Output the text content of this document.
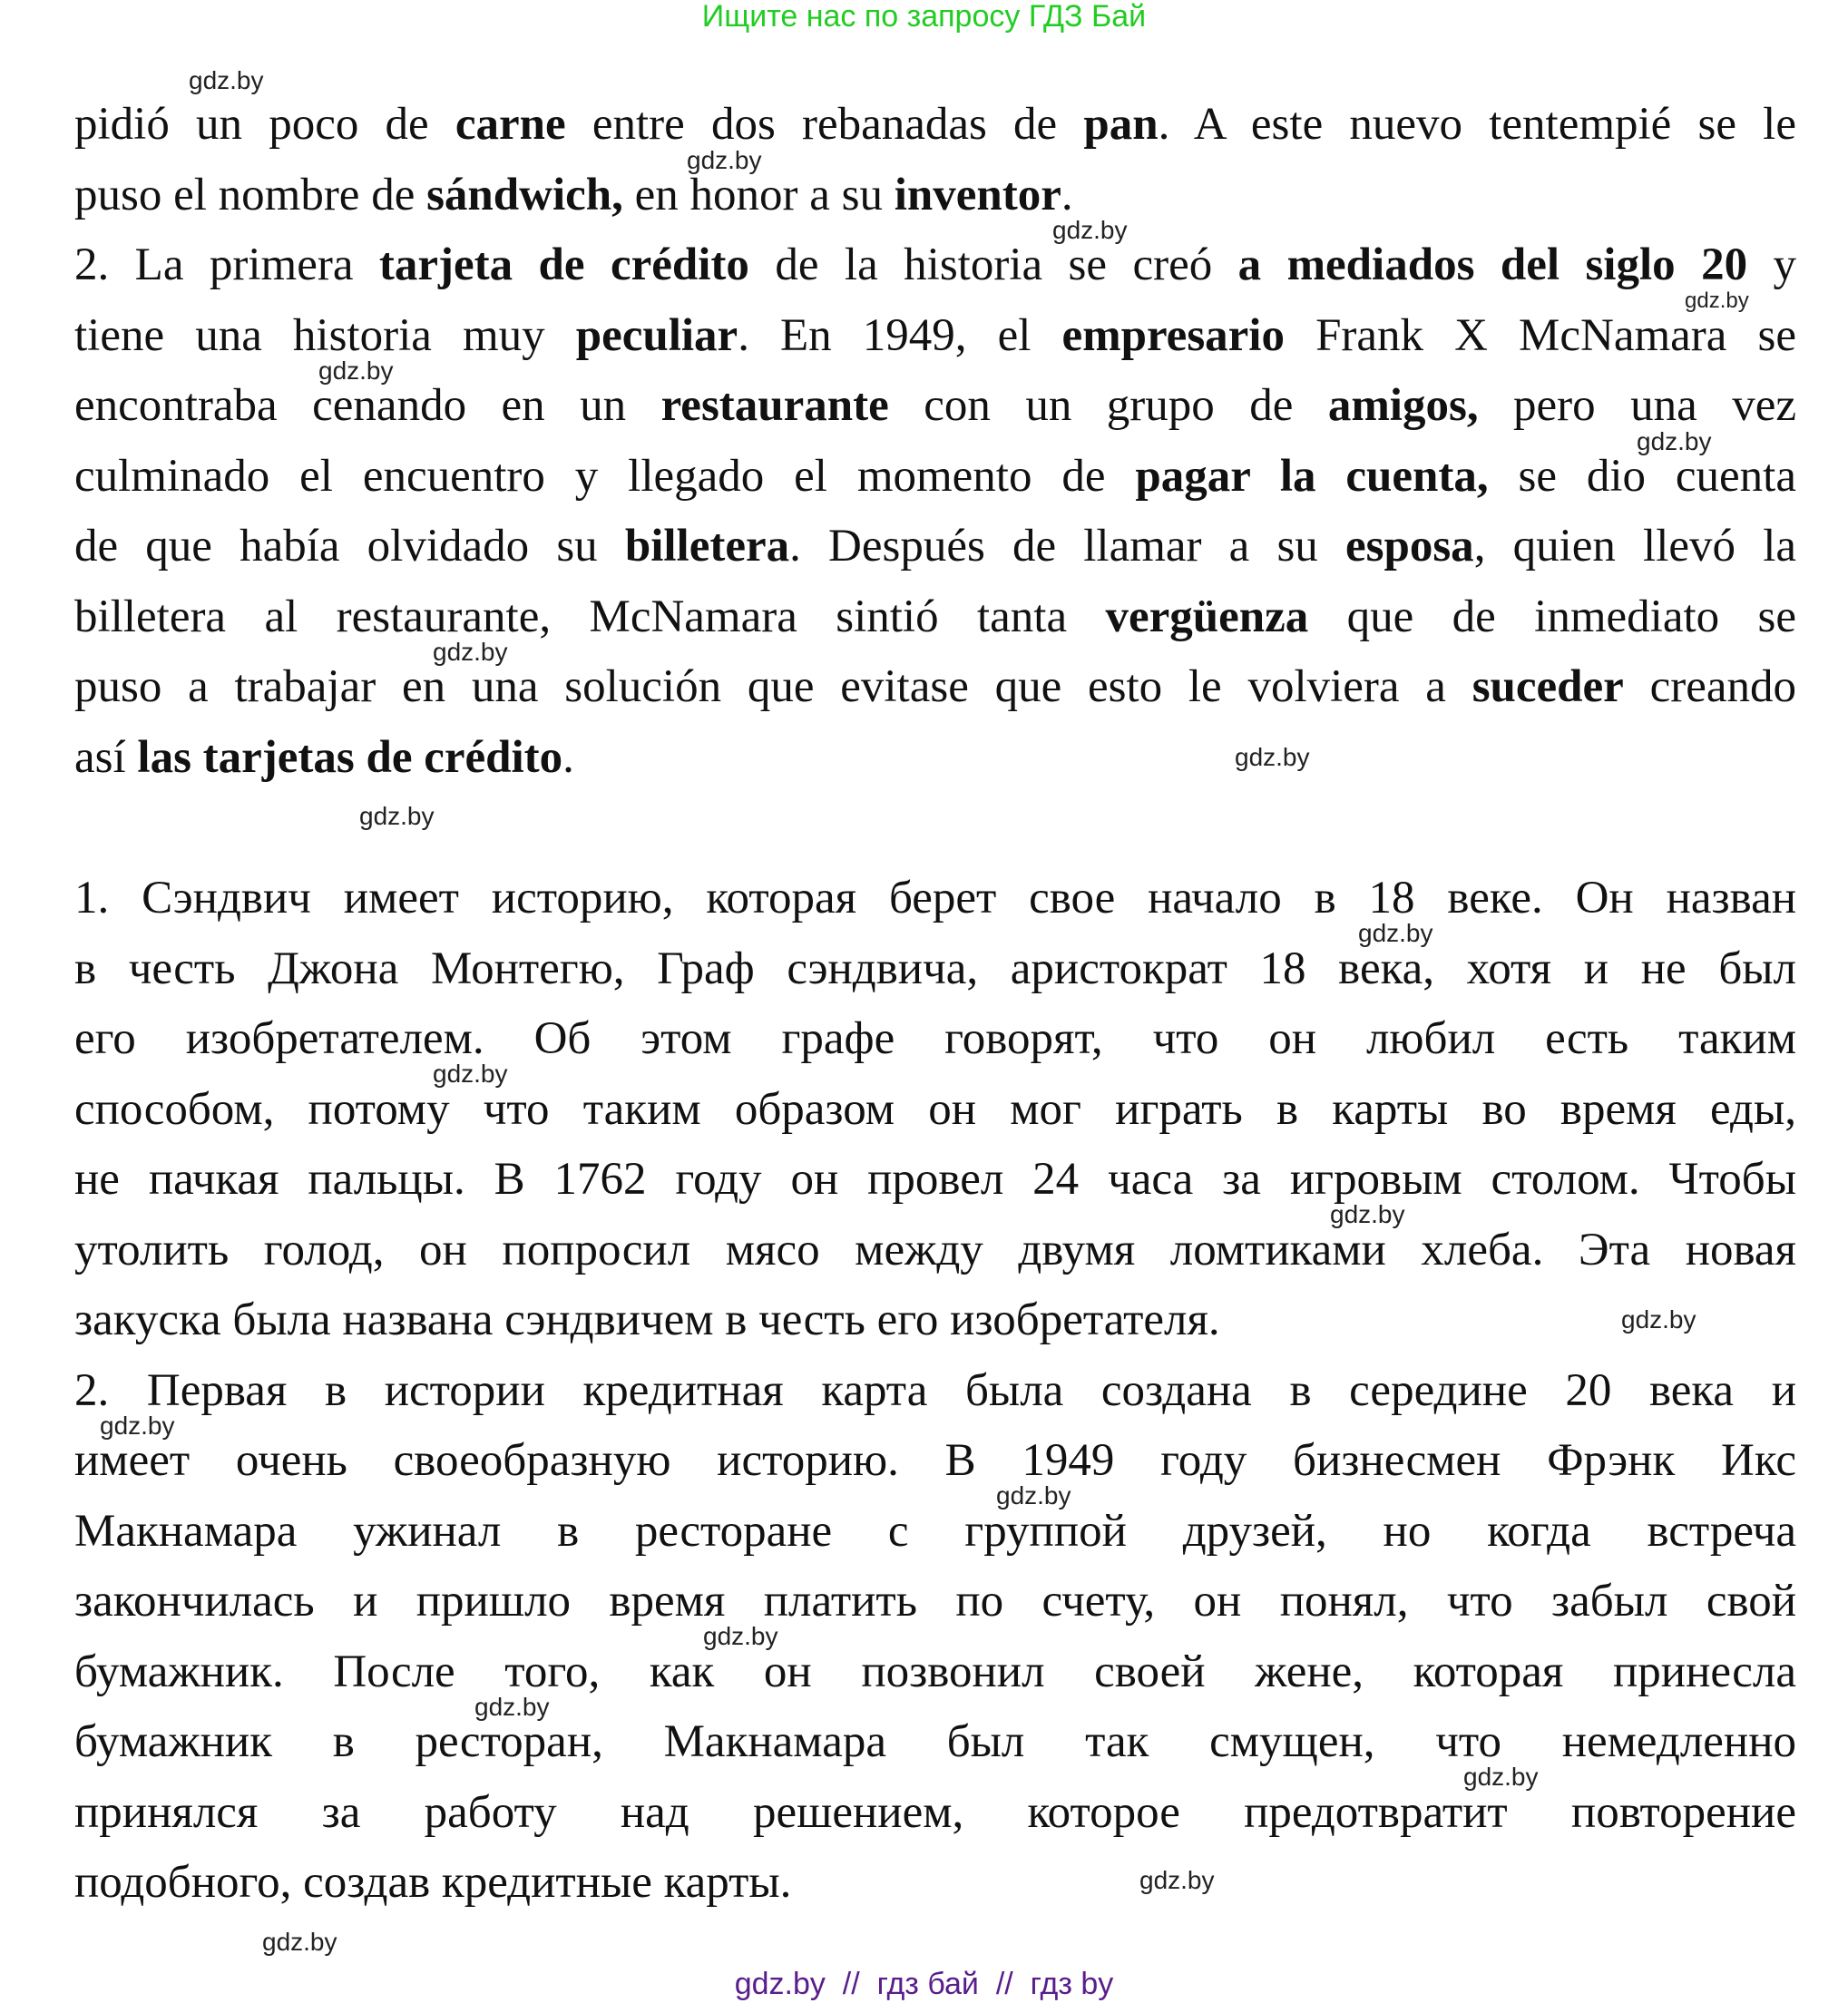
Ищите нас по запросу ГДЗ Бай
pidió un poco de carne entre dos rebanadas de pan. A este nuevo tentempié se le
puso el nombre de sándwich, en honor a su inventor.
2. La primera tarjeta de crédito de la historia se creó a mediados del siglo 20 y
tiene una historia muy peculiar. En 1949, el empresario Frank X McNamara se
encontraba cenando en un restaurante con un grupo de amigos, pero una vez
culminado el encuentro y llegado el momento de pagar la cuenta, se dio cuenta
de que había olvidado su billetera. Después de llamar a su esposa, quien llevó la
billetera al restaurante, McNamara sintió tanta vergüenza que de inmediato se
puso a trabajar en una solución que evitase que esto le volviera a suceder creando
así las tarjetas de crédito.
1. Сэндвич имеет историю, которая берет свое начало в 18 веке. Он назван
в честь Джона Монтегю, Граф сэндвича, аристократ 18 века, хотя и не был
его изобретателем. Об этом графе говорят, что он любил есть таким
способом, потому что таким образом он мог играть в карты во время еды,
не пачкая пальцы. В 1762 году он провел 24 часа за игровым столом. Чтобы
утолить голод, он попросил мясо между двумя ломтиками хлеба. Эта новая
закуска была названа сэндвичем в честь его изобретателя.
2. Первая в истории кредитная карта была создана в середине 20 века и
имеет очень своеобразную историю. В 1949 году бизнесмен Фрэнк Икс
Макнамара ужинал в ресторане с группой друзей, но когда встреча
закончилась и пришло время платить по счету, он понял, что забыл свой
бумажник. После того, как он позвонил своей жене, которая принесла
бумажник в ресторан, Макнамара был так смущен, что немедленно
принялся за работу над решением, которое предотвратит повторение
подобного, создав кредитные карты.
gdz.by
gdz.by
gdz.by
gdz.by
gdz.by
gdz.by
gdz.by
gdz.by
gdz.by
gdz.by
gdz.by
gdz.by
gdz.by
gdz.by
gdz.by
gdz.by
gdz.by
gdz.by
gdz.by
gdz.by
gdz.by  //  гдз бай  //  гдз by
